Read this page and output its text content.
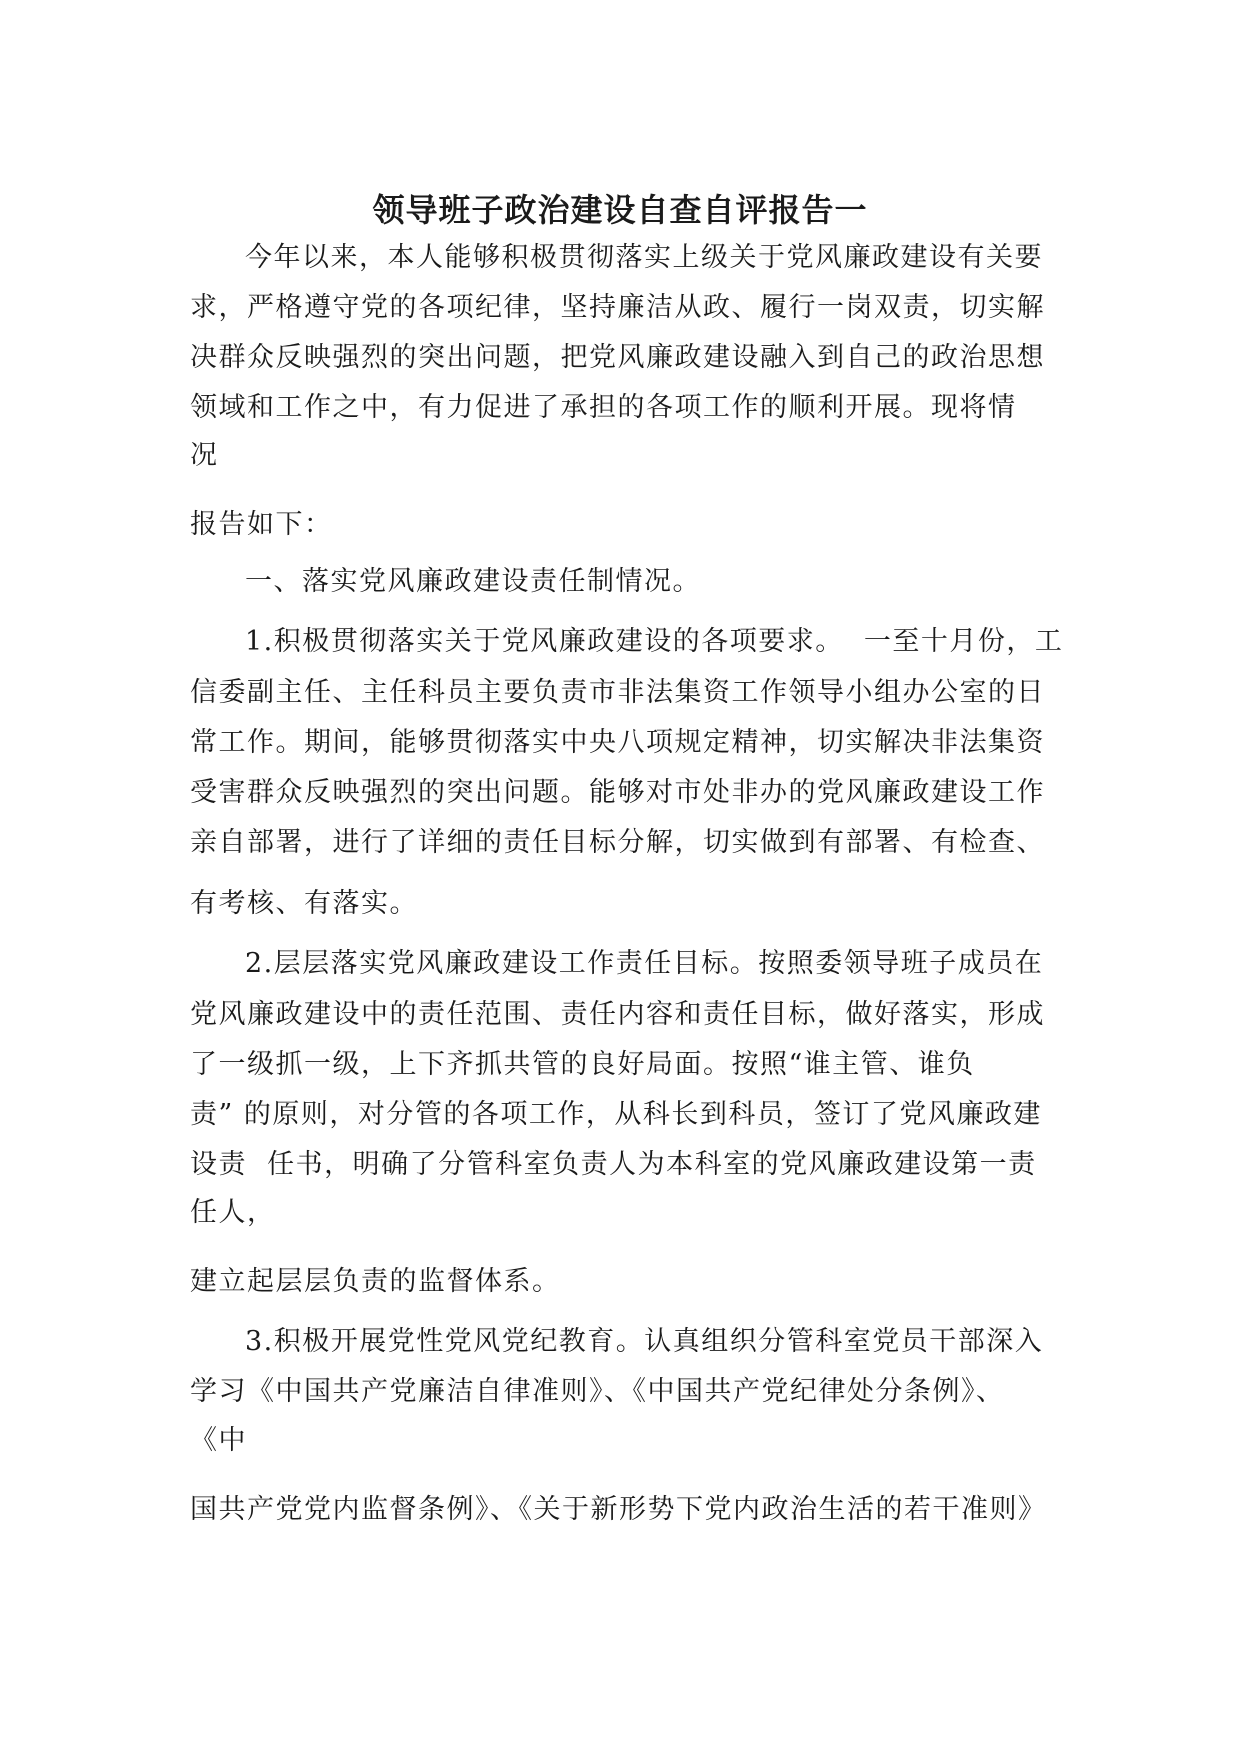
领导班子政治建设自查自评报告一
今年以来，本人能够积极贯彻落实上级关于党风廉政建设有关要
求，严格遵守党的各项纪律，坚持廉洁从政、履行一岗双责，切实解
决群众反映强烈的突出问题，把党风廉政建设融入到自己的政治思想
领域和工作之中，有力促进了承担的各项工作的顺利开展。现将情
况
报告如下：
一、落实党风廉政建设责任制情况。
1.积极贯彻落实关于党风廉政建设的各项要求。  一至十月份，工
信委副主任、主任科员主要负责市非法集资工作领导小组办公室的日
常工作。期间，能够贯彻落实中央八项规定精神，切实解决非法集资
受害群众反映强烈的突出问题。能够对市处非办的党风廉政建设工作
亲自部署，进行了详细的责任目标分解，切实做到有部署、有检查、
有考核、有落实。
2.层层落实党风廉政建设工作责任目标。按照委领导班子成员在
党风廉政建设中的责任范围、责任内容和责任目标，做好落实，形成
了一级抓一级，上下齐抓共管的良好局面。按照“谁主管、谁负
责” 的原则，对分管的各项工作，从科长到科员，签订了党风廉政建
设责  任书，明确了分管科室负责人为本科室的党风廉政建设第一责
任人，
建立起层层负责的监督体系。
3.积极开展党性党风党纪教育。认真组织分管科室党员干部深入
学习《中国共产党廉洁自律准则》、《中国共产党纪律处分条例》、
《中
国共产党党内监督条例》、《关于新形势下党内政治生活的若干准则》
